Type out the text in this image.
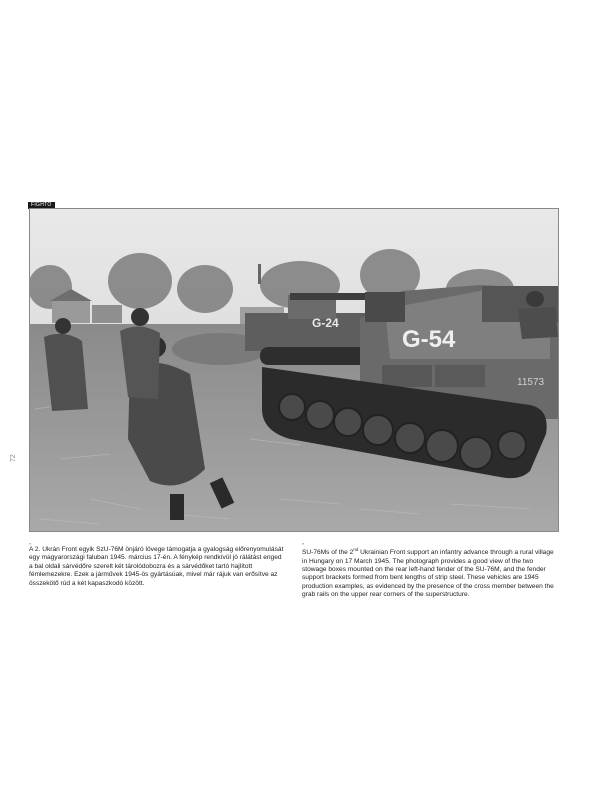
FIGHTO
G-24
G-54
11573
72
»
A 2. Ukrán Front egyik SzU-76M önjáró lövege támogatja a gyalogság előrenyomulását egy magyarországi faluban 1945. március 17-én. A fénykép rendkívül jó rálátást enged a bal oldali sárvédőre szerelt két tárolódobozra és a sárvédőket tartó hajlított fémlemezekre. Ezek a járművek 1945-ös gyártásúak, mivel már rájuk van erősítve az összekötő rúd a két kapaszkodó között.
»
SU-76Ms of the 2nd Ukrainian Front support an infantry advance through a rural village in Hungary on 17 March 1945. The photograph provides a good view of the two stowage boxes mounted on the rear left-hand fender of the SU-76M, and the fender support brackets formed from bent lengths of strip steel. These vehicles are 1945 production examples, as evidenced by the presence of the cross member between the grab rails on the upper rear corners of the superstructure.
